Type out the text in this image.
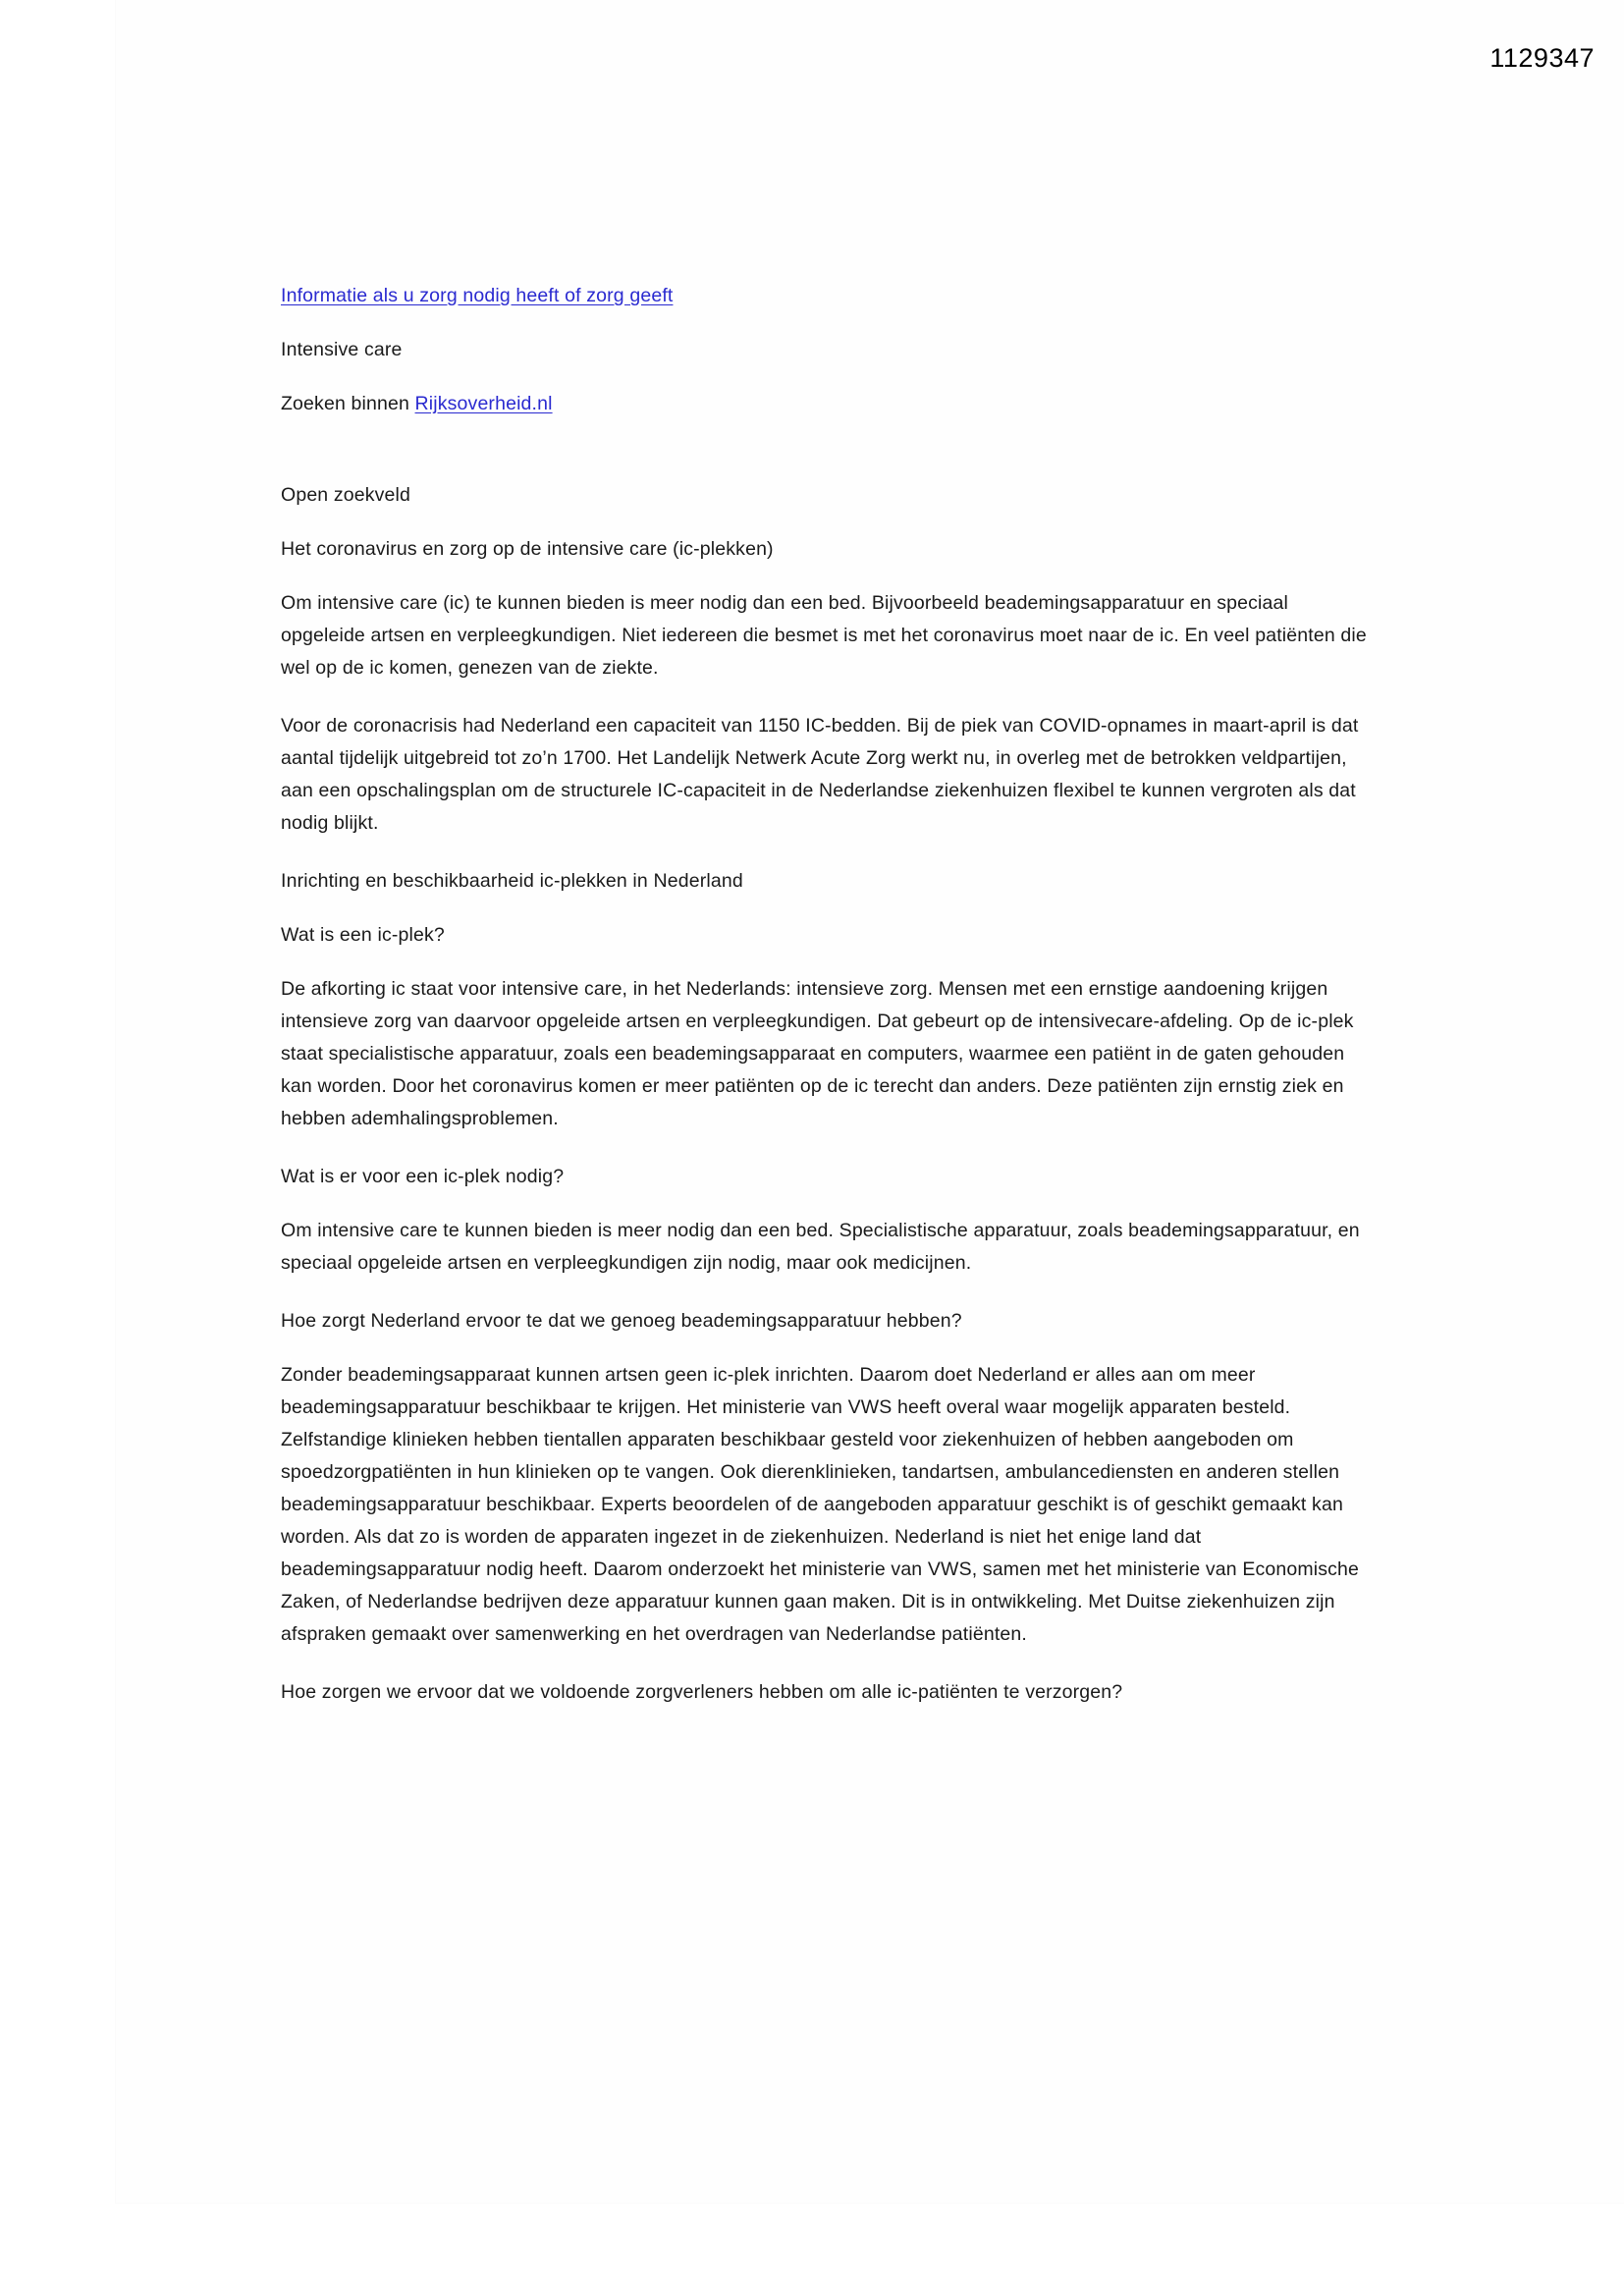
1129347

Informatie als u zorg nodig heeft of zorg geeft

Intensive care

Zoeken binnen Rijksoverheid.nl

Open zoekveld

Het coronavirus en zorg op de intensive care (ic-plekken)

Om intensive care (ic) te kunnen bieden is meer nodig dan een bed. Bijvoorbeeld beademingsapparatuur en speciaal opgeleide artsen en verpleegkundigen. Niet iedereen die besmet is met het coronavirus moet naar de ic. En veel patiënten die wel op de ic komen, genezen van de ziekte.

Voor de coronacrisis had Nederland een capaciteit van 1150 IC-bedden. Bij de piek van COVID-opnames in maart-april is dat aantal tijdelijk uitgebreid tot zo’n 1700. Het Landelijk Netwerk Acute Zorg werkt nu, in overleg met de betrokken veldpartijen, aan een opschalingsplan om de structurele IC-capaciteit in de Nederlandse ziekenhuizen flexibel te kunnen vergroten als dat nodig blijkt.

Inrichting en beschikbaarheid ic-plekken in Nederland

Wat is een ic-plek?

De afkorting ic staat voor intensive care, in het Nederlands: intensieve zorg. Mensen met een ernstige aandoening krijgen intensieve zorg van daarvoor opgeleide artsen en verpleegkundigen. Dat gebeurt op de intensivecare-afdeling. Op de ic-plek staat specialistische apparatuur, zoals een beademingsapparaat en computers, waarmee een patiënt in de gaten gehouden kan worden. Door het coronavirus komen er meer patiënten op de ic terecht dan anders. Deze patiënten zijn ernstig ziek en hebben ademhalingsproblemen.

Wat is er voor een ic-plek nodig?

Om intensive care te kunnen bieden is meer nodig dan een bed. Specialistische apparatuur, zoals beademingsapparatuur, en speciaal opgeleide artsen en verpleegkundigen zijn nodig, maar ook medicijnen.

Hoe zorgt Nederland ervoor te dat we genoeg beademingsapparatuur hebben?

Zonder beademingsapparaat kunnen artsen geen ic-plek inrichten. Daarom doet Nederland er alles aan om meer beademingsapparatuur beschikbaar te krijgen. Het ministerie van VWS heeft overal waar mogelijk apparaten besteld. Zelfstandige klinieken hebben tientallen apparaten beschikbaar gesteld voor ziekenhuizen of hebben aangeboden om spoedzorgpatiënten in hun klinieken op te vangen. Ook dierenklinieken, tandartsen, ambulancediensten en anderen stellen beademingsapparatuur beschikbaar. Experts beoordelen of de aangeboden apparatuur geschikt is of geschikt gemaakt kan worden. Als dat zo is worden de apparaten ingezet in de ziekenhuizen. Nederland is niet het enige land dat beademingsapparatuur nodig heeft. Daarom onderzoekt het ministerie van VWS, samen met het ministerie van Economische Zaken, of Nederlandse bedrijven deze apparatuur kunnen gaan maken. Dit is in ontwikkeling. Met Duitse ziekenhuizen zijn afspraken gemaakt over samenwerking en het overdragen van Nederlandse patiënten.

Hoe zorgen we ervoor dat we voldoende zorgverleners hebben om alle ic-patiënten te verzorgen?
